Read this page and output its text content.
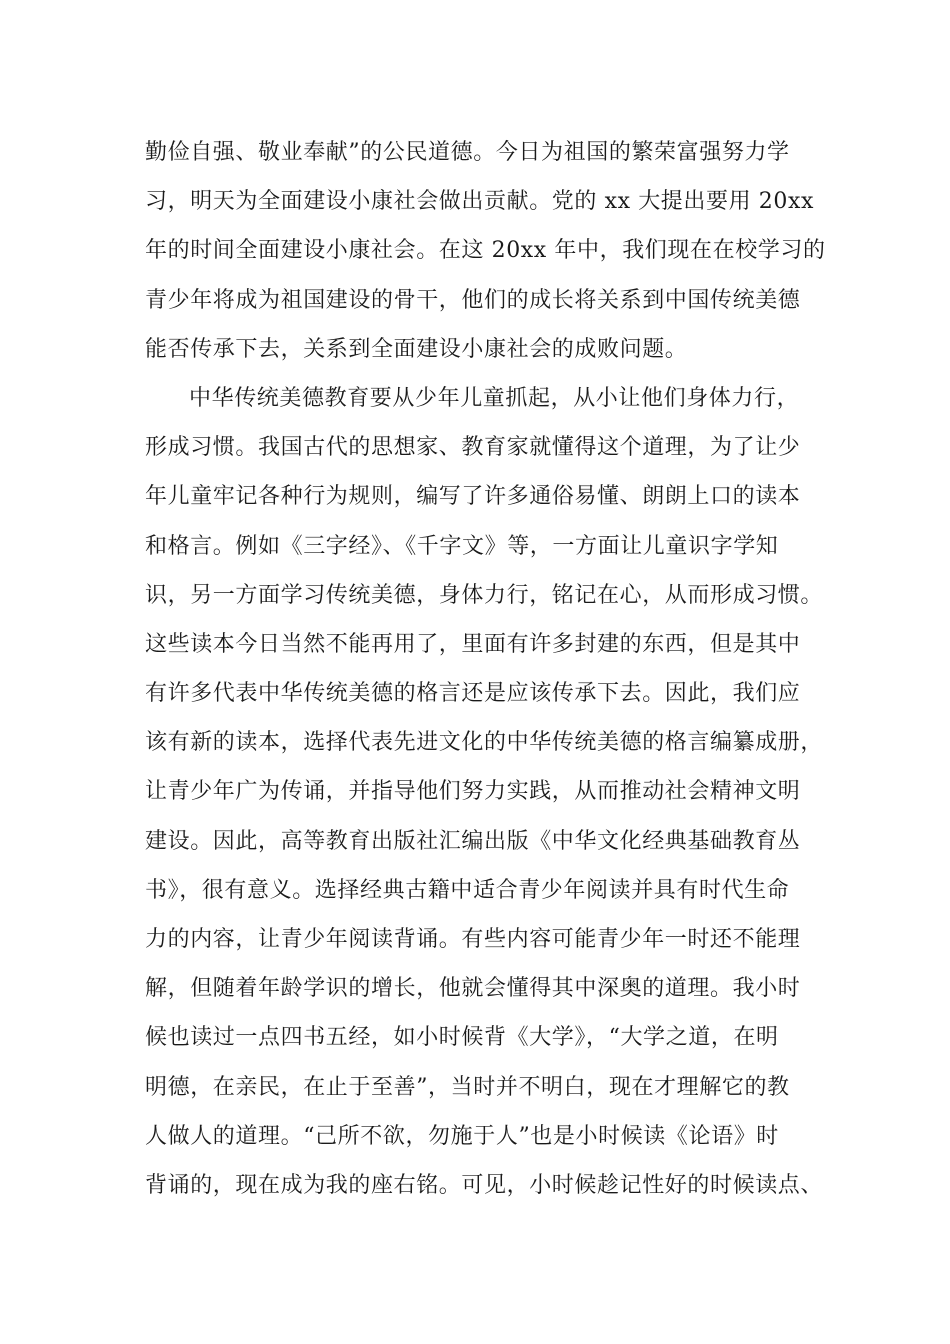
勤俭自强、敬业奉献”的公民道德。今日为祖国的繁荣富强努力学
习，明天为全面建设小康社会做出贡献。党的 xx 大提出要用 20xx
年的时间全面建设小康社会。在这 20xx 年中，我们现在在校学习的
青少年将成为祖国建设的骨干，他们的成长将关系到中国传统美德
能否传承下去，关系到全面建设小康社会的成败问题。
中华传统美德教育要从少年儿童抓起，从小让他们身体力行，
形成习惯。我国古代的思想家、教育家就懂得这个道理，为了让少
年儿童牢记各种行为规则，编写了许多通俗易懂、朗朗上口的读本
和格言。例如《三字经》、《千字文》等，一方面让儿童识字学知
识，另一方面学习传统美德，身体力行，铭记在心，从而形成习惯。
这些读本今日当然不能再用了，里面有许多封建的东西，但是其中
有许多代表中华传统美德的格言还是应该传承下去。因此，我们应
该有新的读本，选择代表先进文化的中华传统美德的格言编纂成册，
让青少年广为传诵，并指导他们努力实践，从而推动社会精神文明
建设。因此，高等教育出版社汇编出版《中华文化经典基础教育丛
书》，很有意义。选择经典古籍中适合青少年阅读并具有时代生命
力的内容，让青少年阅读背诵。有些内容可能青少年一时还不能理
解，但随着年龄学识的增长，他就会懂得其中深奥的道理。我小时
候也读过一点四书五经，如小时候背《大学》，“大学之道，在明
明德，在亲民，在止于至善”，当时并不明白，现在才理解它的教
人做人的道理。“己所不欲，勿施于人”也是小时候读《论语》时
背诵的，现在成为我的座右铭。可见，小时候趁记性好的时候读点、
